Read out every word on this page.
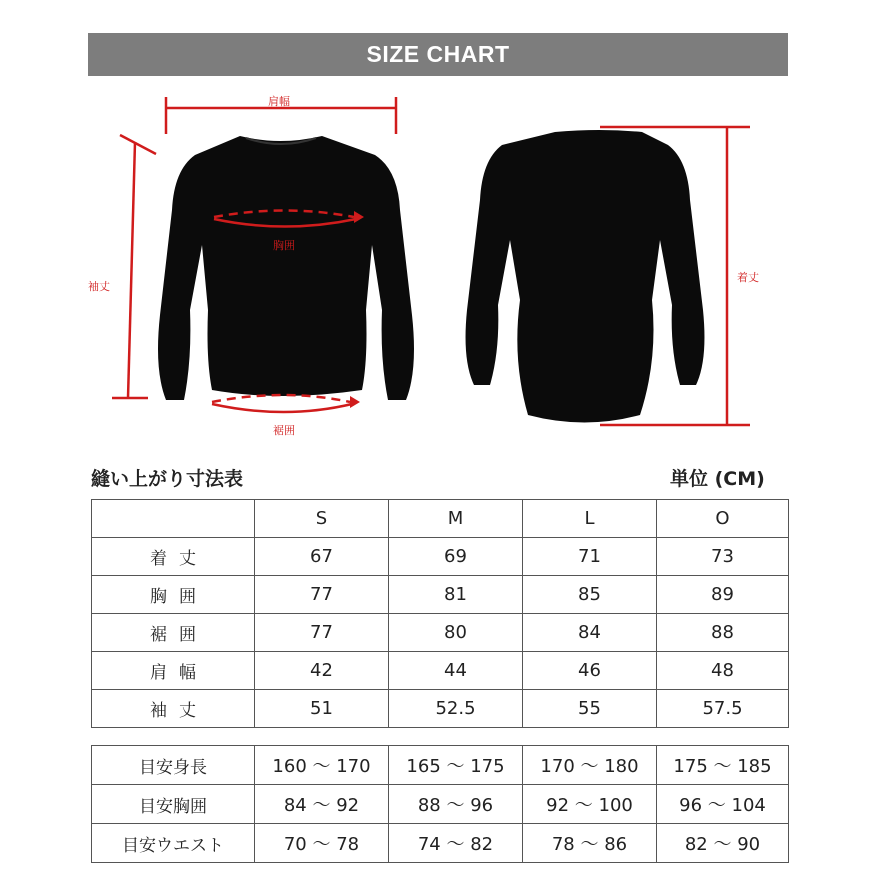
SIZE CHART
肩幅
胸囲
裾囲
袖丈
着丈
縫い上がり寸法表	単位 (CM)
	S	M	L	O
着丈	67	69	71	73
胸囲	77	81	85	89
裾囲	77	80	84	88
肩幅	42	44	46	48
袖丈	51	52.5	55	57.5
目安身長	160 〜 170	165 〜 175	170 〜 180	175 〜 185
目安胸囲	84 〜 92	88 〜 96	92 〜 100	96 〜 104
目安ウエスト	70 〜 78	74 〜 82	78 〜 86	82 〜 90
